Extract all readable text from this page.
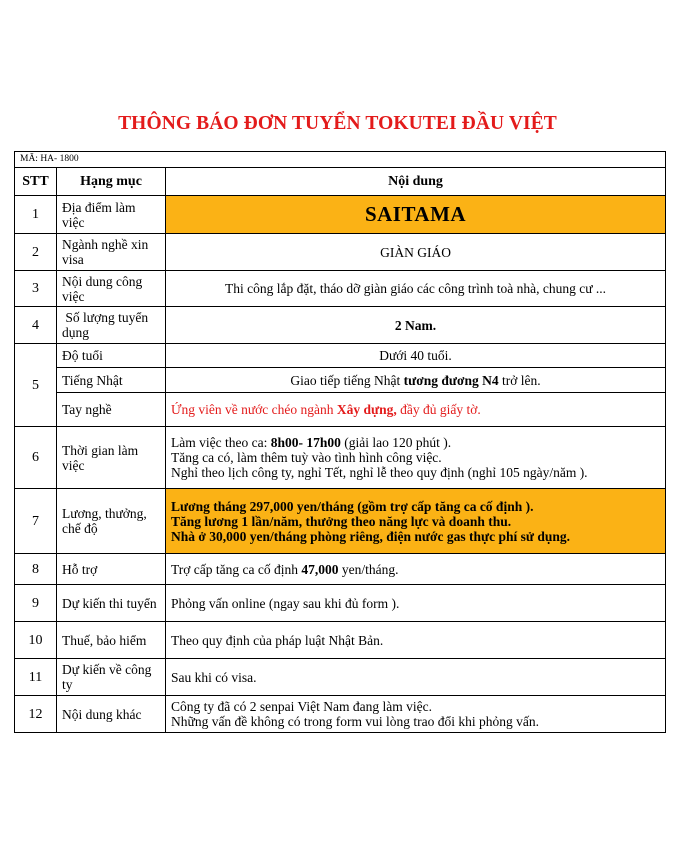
THÔNG BÁO ĐƠN TUYỂN TOKUTEI ĐẦU VIỆT
MÃ: HA- 1800		
STT	Hạng mục	Nội dung
1	Địa điểm làm việc	SAITAMA
2	Ngành nghề xin visa	GIÀN GIÁO
3	Nội dung công việc	Thi công lắp đặt, tháo dỡ giàn giáo các công trình toà nhà, chung cư ...
4	Số lượng tuyển dụng	2 Nam.
5	Độ tuổi	Dưới 40 tuổi.
	Tiếng Nhật	Giao tiếp tiếng Nhật tương đương N4 trở lên.
	Tay nghề	Ứng viên về nước chéo ngành Xây dựng, đầy đủ giấy tờ.
6	Thời gian làm việc	Làm việc theo ca: 8h00- 17h00 (giải lao 120 phút ).
Tăng ca có, làm thêm tuỳ vào tình hình công việc.
Nghỉ theo lịch công ty, nghỉ Tết, nghỉ lễ theo quy định (nghỉ 105 ngày/năm ).

7	Lương, thưởng, chế độ	Lương tháng 297,000 yen/tháng (gồm trợ cấp tăng ca cố định ).
Tăng lương 1 lần/năm, thưởng theo năng lực và doanh thu.
Nhà ở 30,000 yen/tháng phòng riêng, điện nước gas thực phí sử dụng.

8	Hỗ trợ	Trợ cấp tăng ca cố định 47,000 yen/tháng.
9	Dự kiến thi tuyển	Phỏng vấn online (ngay sau khi đủ form ).
10	Thuế, bảo hiểm	Theo quy định của pháp luật Nhật Bản.
11	Dự kiến về công ty	Sau khi có visa.
12	Nội dung khác	Công ty đã có 2 senpai Việt Nam đang làm việc.
Những vấn đề không có trong form vui lòng trao đổi khi phỏng vấn.
